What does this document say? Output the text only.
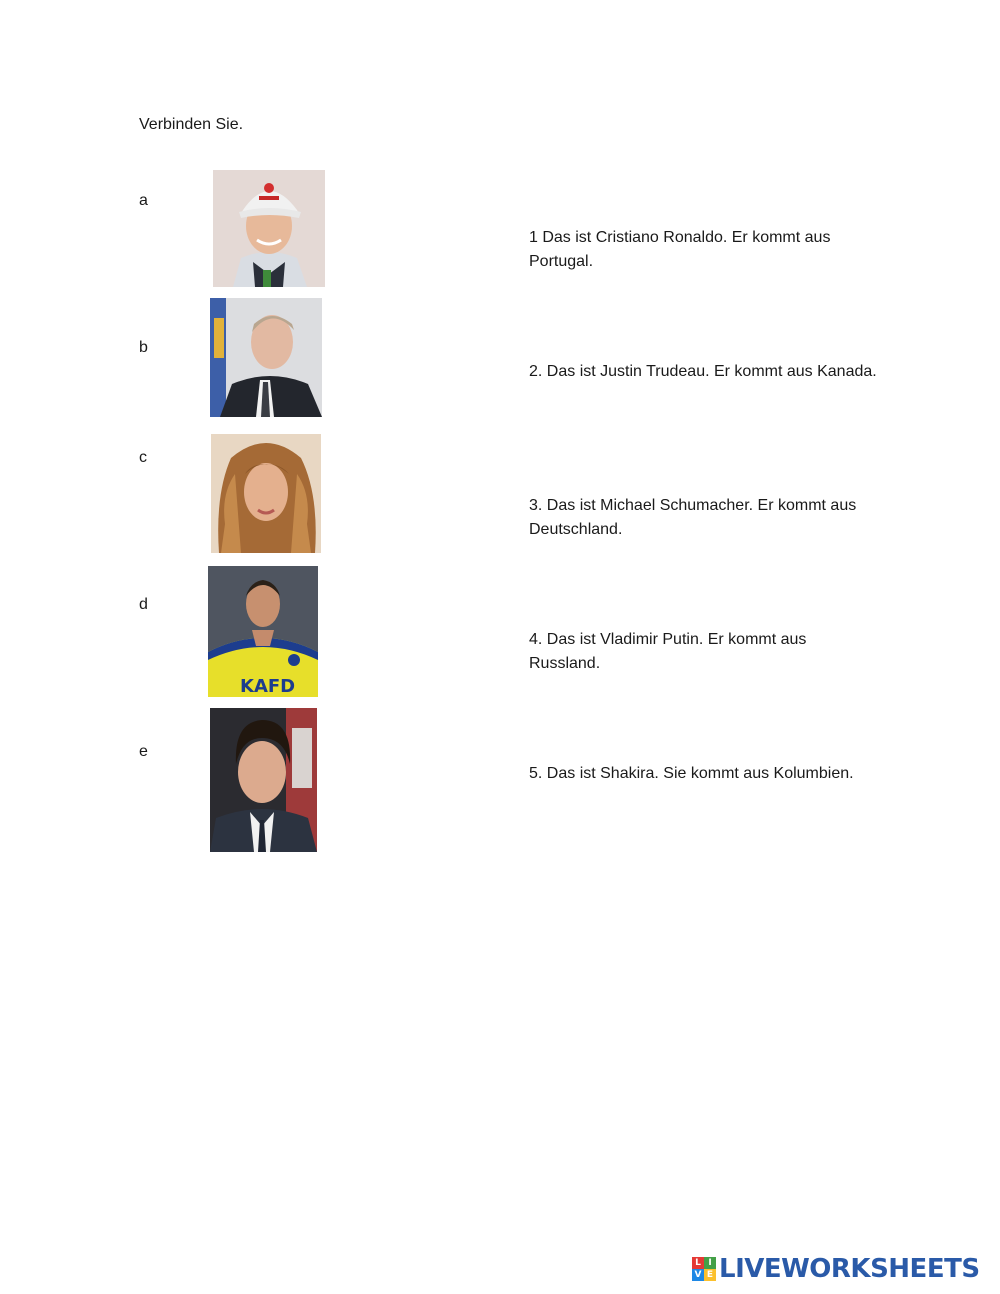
Verbinden Sie.
a
b
c
d
e
KAFD
1 Das ist Cristiano Ronaldo. Er kommt aus Portugal.
2. Das ist Justin Trudeau. Er kommt aus Kanada.
3. Das ist Michael Schumacher. Er kommt aus Deutschland.
4. Das ist Vladimir Putin. Er kommt aus Russland.
5. Das ist Shakira. Sie kommt aus Kolumbien.
L I
V E LIVEWORKSHEETS
